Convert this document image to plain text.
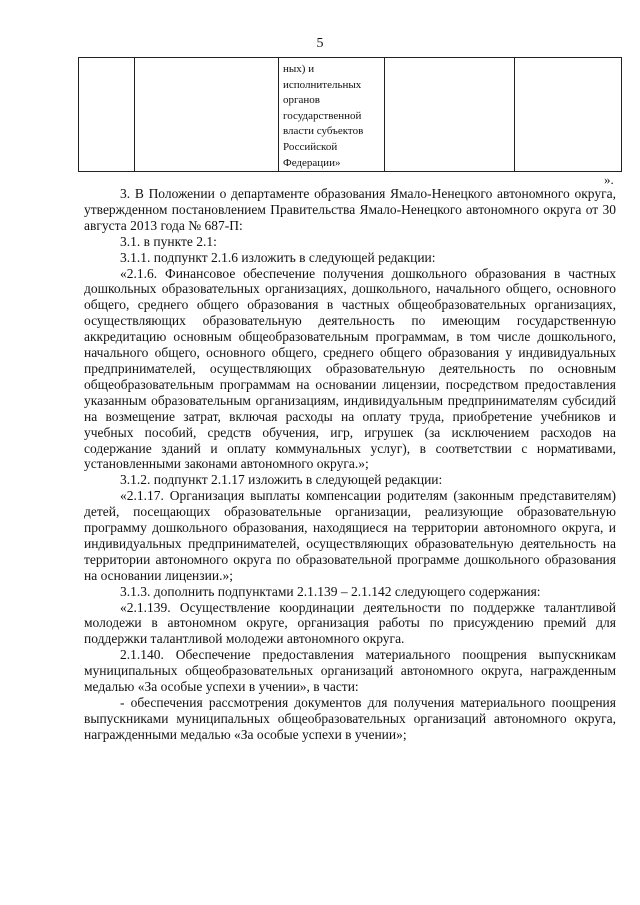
5

ных) и

исполнительных

органов

государственной

власти субъектов

Российской

Федерации»

».

3. В Положении о департаменте образования Ямало-Ненецкого автономного округа, утвержденном постановлением Правительства Ямало-Ненецкого автономного округа от 30 августа 2013 года № 687-П:

3.1. в пункте 2.1:

3.1.1. подпункт 2.1.6 изложить в следующей редакции:

«2.1.6. Финансовое обеспечение получения дошкольного образования в частных дошкольных образовательных организациях, дошкольного, начального общего, основного общего, среднего общего образования в частных общеобразовательных организациях, осуществляющих образовательную деятельность по имеющим государственную аккредитацию основным общеобразовательным программам, в том числе дошкольного, начального общего, основного общего, среднего общего образования у индивидуальных предпринимателей, осуществляющих образовательную деятельность по основным общеобразовательным программам на основании лицензии, посредством предоставления указанным образовательным организациям, индивидуальным предпринимателям субсидий на возмещение затрат, включая расходы на оплату труда, приобретение учебников и учебных пособий, средств обучения, игр, игрушек (за исключением расходов на содержание зданий и оплату коммунальных услуг), в соответствии с нормативами, установленными законами автономного округа.»;

3.1.2. подпункт 2.1.17 изложить в следующей редакции:

«2.1.17. Организация выплаты компенсации родителям (законным представителям) детей, посещающих образовательные организации, реализующие образовательную программу дошкольного образования, находящиеся на территории автономного округа, и индивидуальных предпринимателей, осуществляющих образовательную деятельность на территории автономного округа по образовательной программе дошкольного образования на основании лицензии.»;

3.1.3. дополнить подпунктами 2.1.139 – 2.1.142 следующего содержания:

«2.1.139. Осуществление координации деятельности по поддержке талантливой молодежи в автономном округе, организация работы по присуждению премий для поддержки талантливой молодежи автономного округа.

2.1.140. Обеспечение предоставления материального поощрения выпускникам муниципальных общеобразовательных организаций автономного округа, награжденным медалью «За особые успехи в учении», в части:

- обеспечения рассмотрения документов для получения материального поощрения выпускниками муниципальных общеобразовательных организаций автономного округа, награжденными медалью «За особые успехи в учении»;
